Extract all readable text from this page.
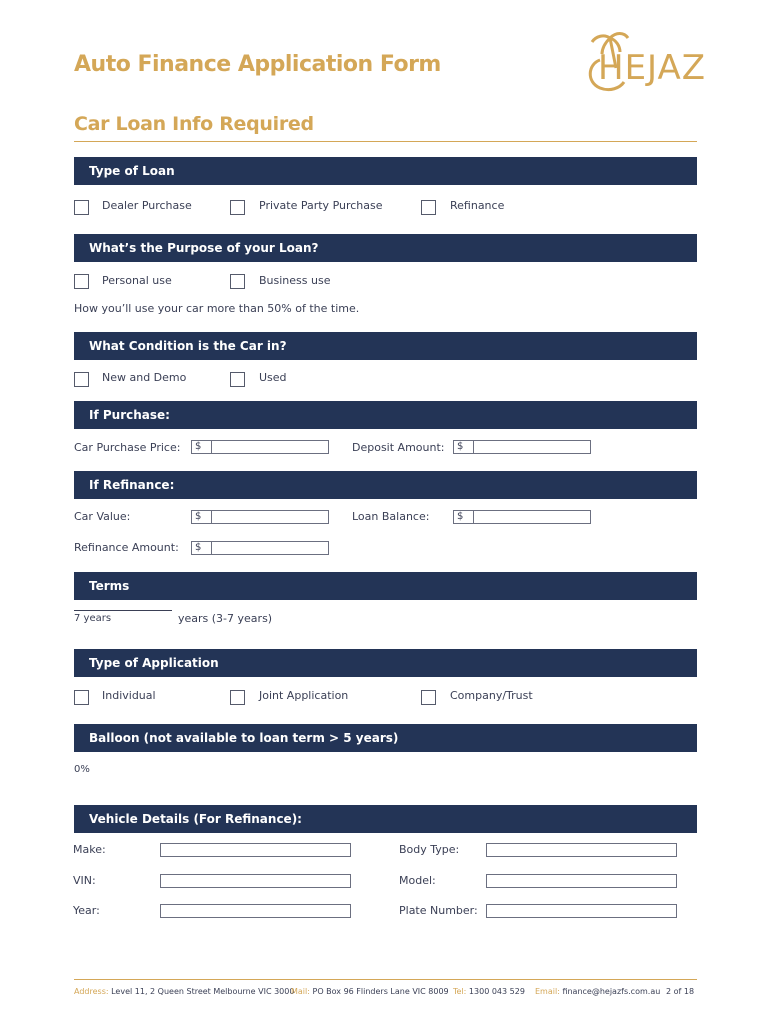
Auto Finance Application Form	HEJAZ
Car Loan Info Required
Type of Loan
Dealer Purchase	Private Party Purchase	Refinance
What’s the Purpose of your Loan?
Personal use	Business use
How you’ll use your car more than 50% of the time.
What Condition is the Car in?
New and Demo	Used
If Purchase:
Car Purchase Price:	$	Deposit Amount:	$
If Refinance:
Car Value:	$	Loan Balance:	$
Refinance Amount:	$
Terms
7 years	years (3-7 years)
Type of Application
Individual	Joint Application	Company/Trust
Balloon (not available to loan term > 5 years)
0%
Vehicle Details (For Refinance):
Make:	Body Type:
VIN:	Model:
Year:	Plate Number:
Address: Level 11, 2 Queen Street Melbourne VIC 3000
Mail: PO Box 96 Flinders Lane VIC 8009 Tel: 1300 043 529 Email: finance@hejazfs.com.au 2 of 18
